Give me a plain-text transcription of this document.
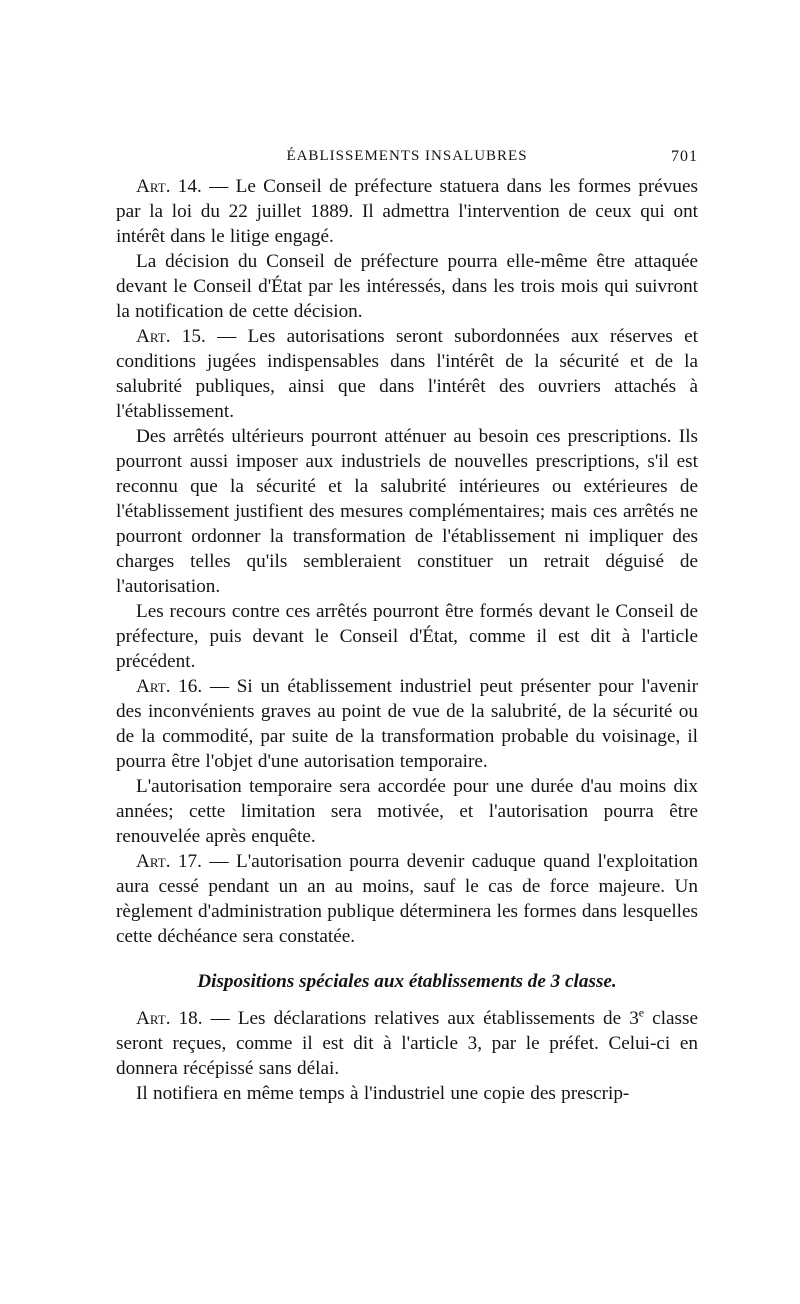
ÉABLISSEMENTS INSALUBRES	701

Art. 14. — Le Conseil de préfecture statuera dans les formes prévues par la loi du 22 juillet 1889. Il admettra l'intervention de ceux qui ont intérêt dans le litige engagé.

La décision du Conseil de préfecture pourra elle-même être attaquée devant le Conseil d'État par les intéressés, dans les trois mois qui suivront la notification de cette décision.

Art. 15. — Les autorisations seront subordonnées aux réserves et conditions jugées indispensables dans l'intérêt de la sécurité et de la salubrité publiques, ainsi que dans l'intérêt des ouvriers attachés à l'établissement.

Des arrêtés ultérieurs pourront atténuer au besoin ces prescriptions. Ils pourront aussi imposer aux industriels de nouvelles prescriptions, s'il est reconnu que la sécurité et la salubrité intérieures ou extérieures de l'établissement justifient des mesures complémentaires; mais ces arrêtés ne pourront ordonner la transformation de l'établissement ni impliquer des charges telles qu'ils sembleraient constituer un retrait déguisé de l'autorisation.

Les recours contre ces arrêtés pourront être formés devant le Conseil de préfecture, puis devant le Conseil d'État, comme il est dit à l'article précédent.

Art. 16. — Si un établissement industriel peut présenter pour l'avenir des inconvénients graves au point de vue de la salubrité, de la sécurité ou de la commodité, par suite de la transformation probable du voisinage, il pourra être l'objet d'une autorisation temporaire.

L'autorisation temporaire sera accordée pour une durée d'au moins dix années; cette limitation sera motivée, et l'autorisation pourra être renouvelée après enquête.

Art. 17. — L'autorisation pourra devenir caduque quand l'exploitation aura cessé pendant un an au moins, sauf le cas de force majeure. Un règlement d'administration publique déterminera les formes dans lesquelles cette déchéance sera constatée.

Dispositions spéciales aux établissements de 3 classe.

Art. 18. — Les déclarations relatives aux établissements de 3e classe seront reçues, comme il est dit à l'article 3, par le préfet. Celui-ci en donnera récépissé sans délai.

Il notifiera en même temps à l'industriel une copie des prescrip-
